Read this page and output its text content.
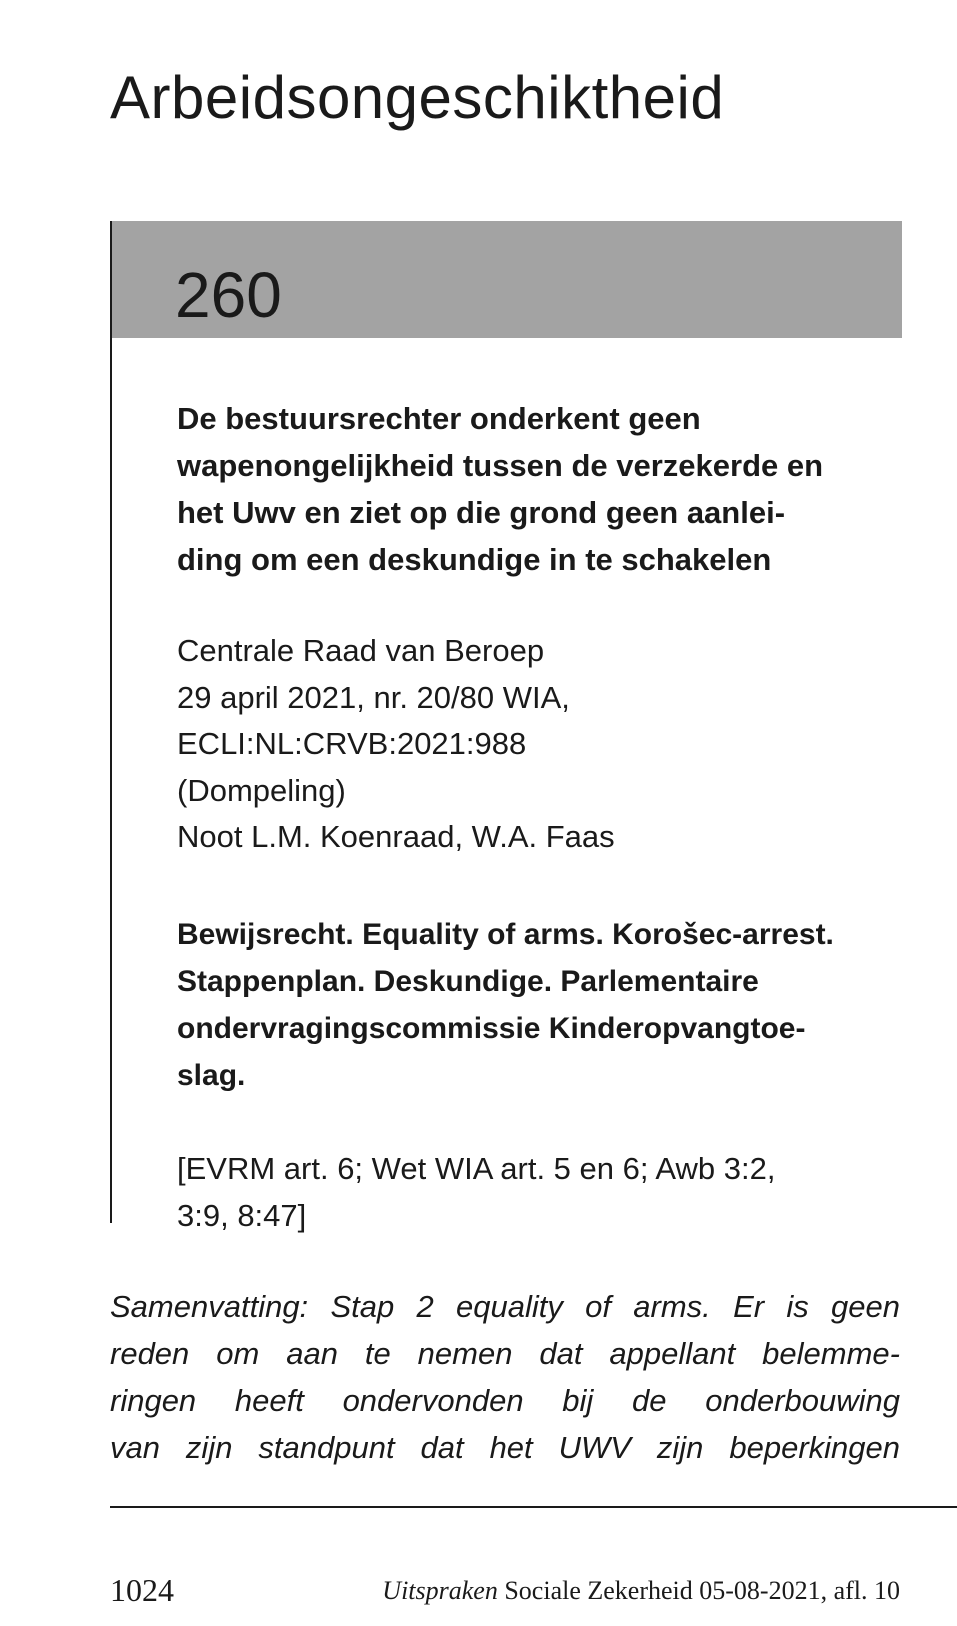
Arbeidsongeschiktheid
260

De bestuursrechter onderkent geen
wapenongelijkheid tussen de verzekerde en
het Uwv en ziet op die grond geen aanlei-
ding om een deskundige in te schakelen

Centrale Raad van Beroep
29 april 2021, nr. 20/80 WIA,
ECLI:NL:CRVB:2021:988
(Dompeling)
Noot L.M. Koenraad, W.A. Faas

Bewijsrecht. Equality of arms. Korošec-arrest.
Stappenplan. Deskundige. Parlementaire
ondervragingscommissie Kinderopvangtoe-
slag.

[EVRM art. 6; Wet WIA art. 5 en 6; Awb 3:2,
3:9, 8:47]

Samenvatting: Stap 2 equality of arms. Er is geen
reden om aan te nemen dat appellant belemme-
ringen heeft ondervonden bij de onderbouwing
van zijn standpunt dat het UWV zijn beperkingen

1024	Uitspraken Sociale Zekerheid 05-08-2021, afl. 10
